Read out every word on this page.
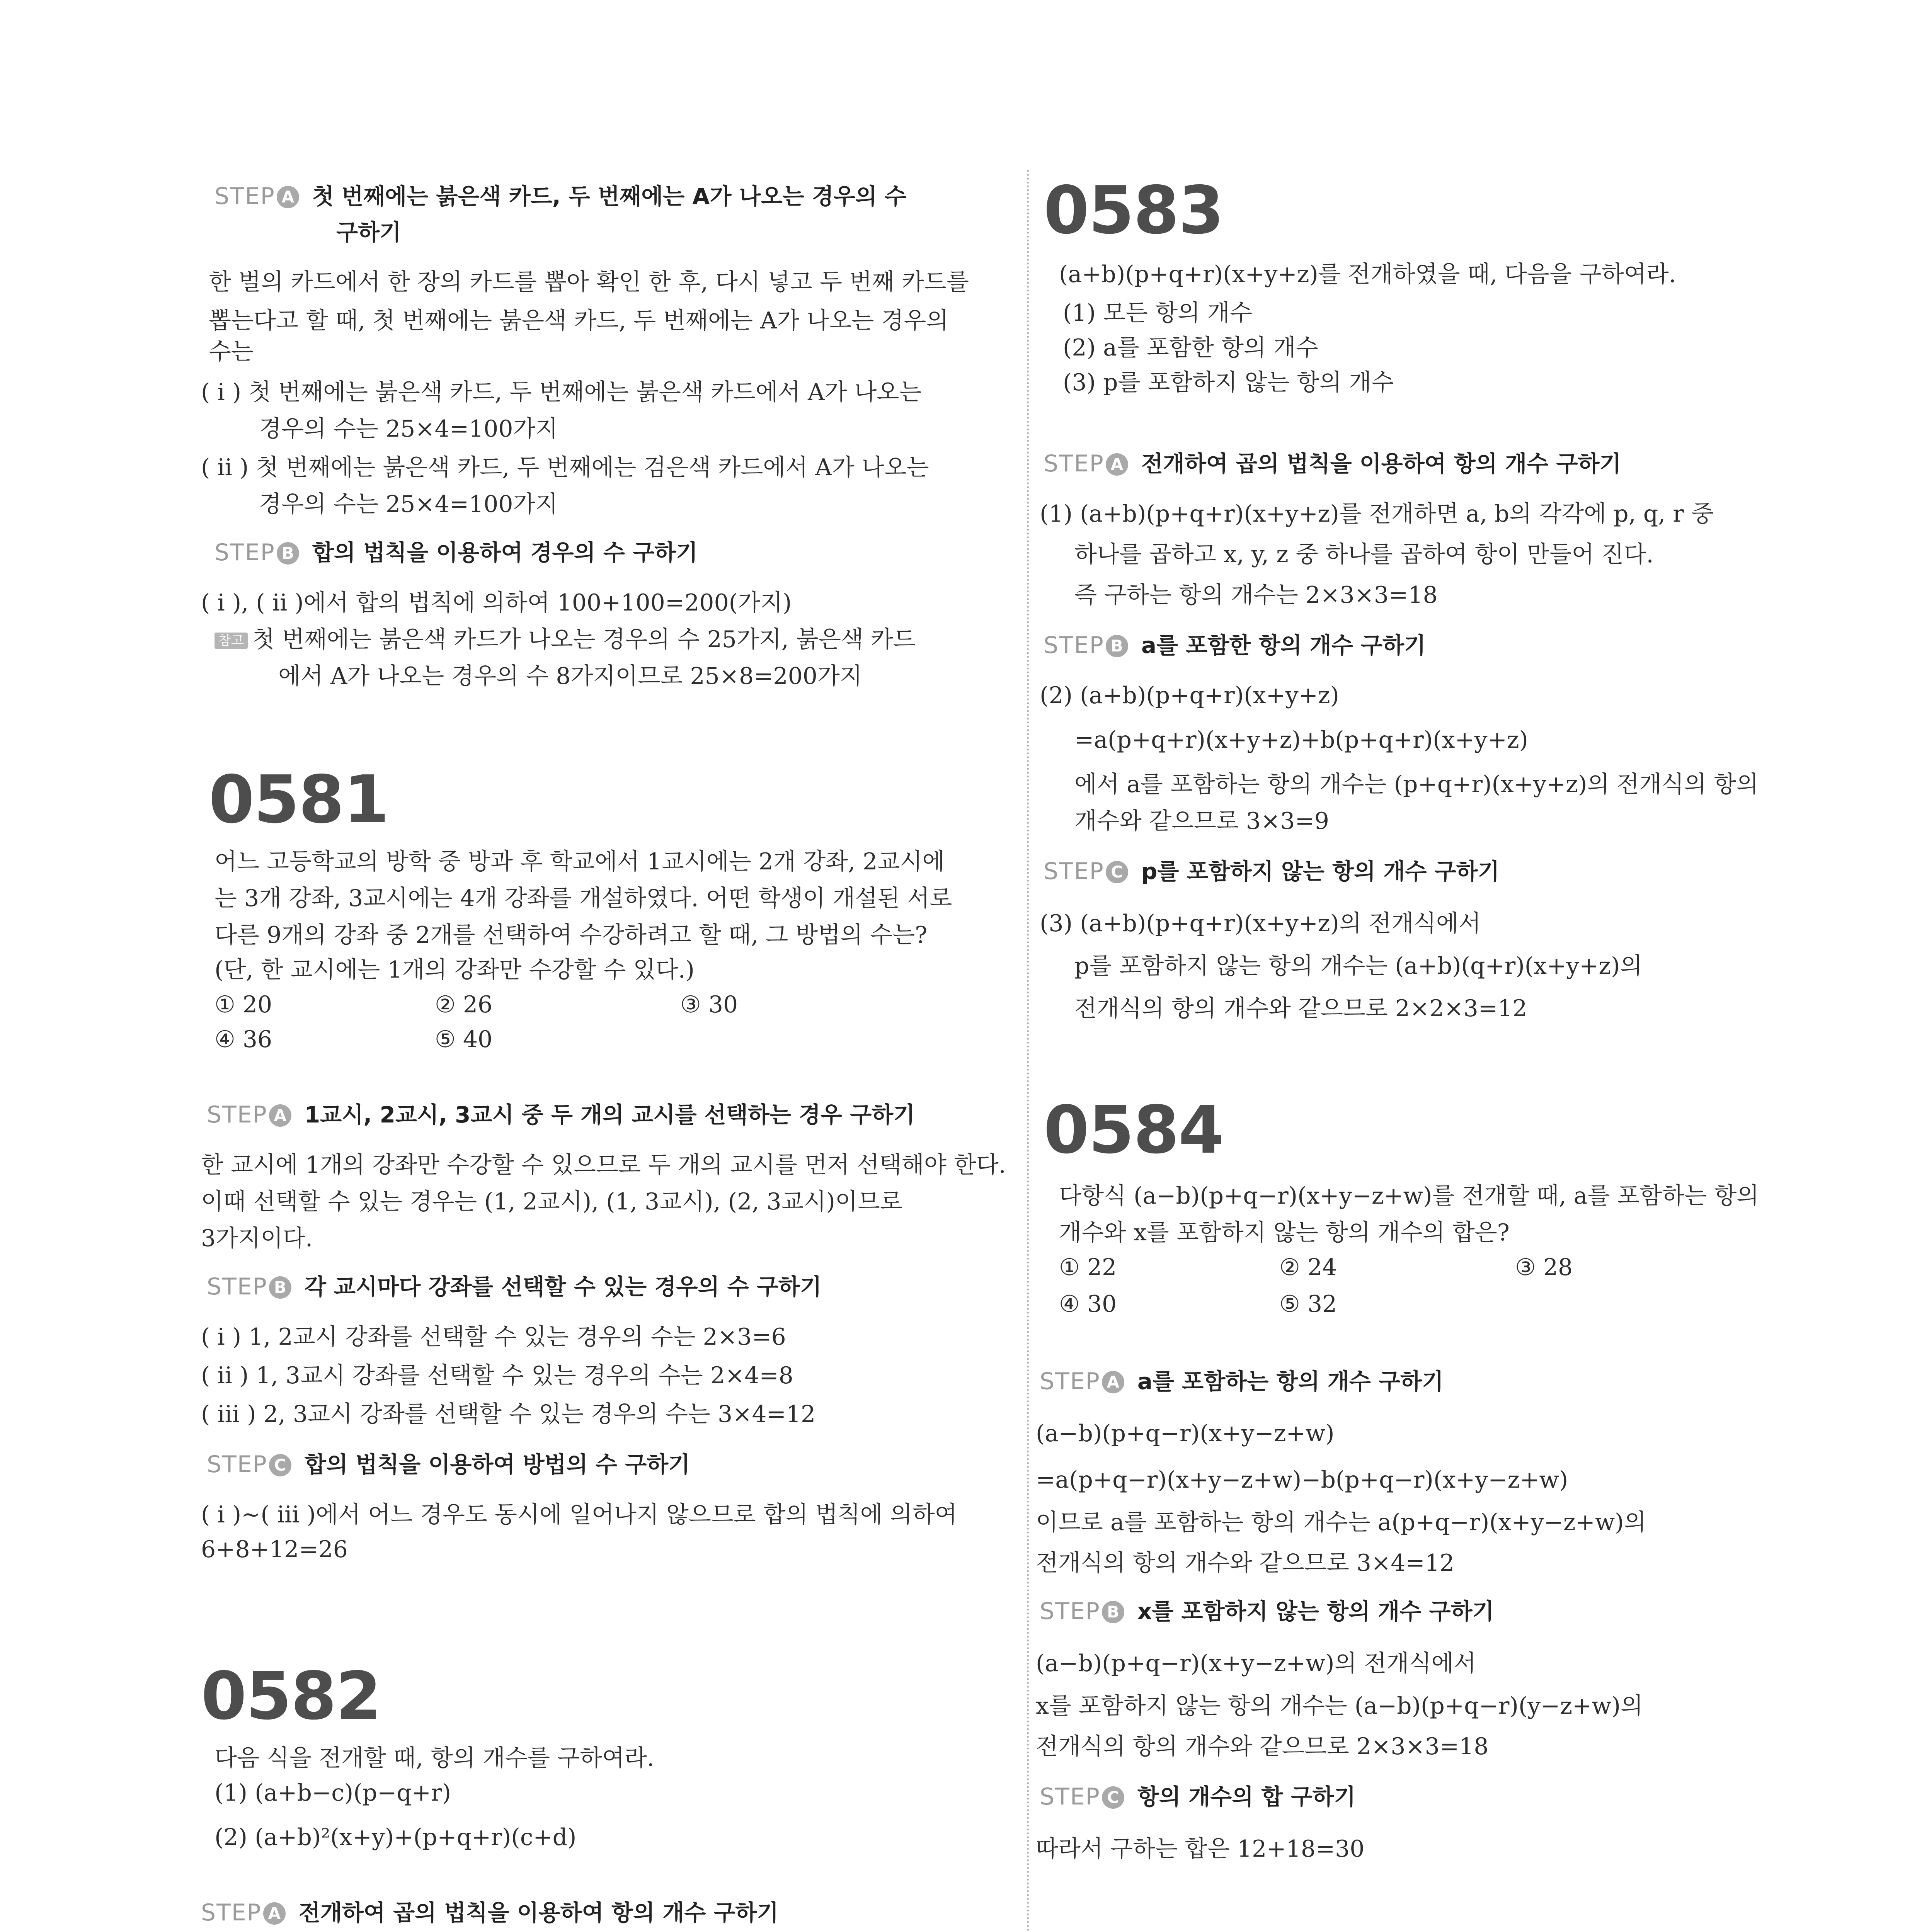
STEP A 첫 번째에는 붉은색 카드, 두 번째에는 A가 나오는 경우의 수
구하기
한 벌의 카드에서 한 장의 카드를 뽑아 확인 한 후, 다시 넣고 두 번째 카드를
뽑는다고 할 때, 첫 번째에는 붉은색 카드, 두 번째에는 A가 나오는 경우의
수는
( i ) 첫 번째에는 붉은색 카드, 두 번째에는 붉은색 카드에서 A가 나오는
경우의 수는 25×4=100가지
( ii ) 첫 번째에는 붉은색 카드, 두 번째에는 검은색 카드에서 A가 나오는
경우의 수는 25×4=100가지
STEP B 합의 법칙을 이용하여 경우의 수 구하기
( i ), ( ii )에서 합의 법칙에 의하여 100+100=200(가지)
참고 첫 번째에는 붉은색 카드가 나오는 경우의 수 25가지, 붉은색 카드
에서 A가 나오는 경우의 수 8가지이므로 25×8=200가지
0581
어느 고등학교의 방학 중 방과 후 학교에서 1교시에는 2개 강좌, 2교시에
는 3개 강좌, 3교시에는 4개 강좌를 개설하였다. 어떤 학생이 개설된 서로
다른 9개의 강좌 중 2개를 선택하여 수강하려고 할 때, 그 방법의 수는?
(단, 한 교시에는 1개의 강좌만 수강할 수 있다.)
① 20	② 26	③ 30
④ 36	⑤ 40
STEP A 1교시, 2교시, 3교시 중 두 개의 교시를 선택하는 경우 구하기
한 교시에 1개의 강좌만 수강할 수 있으므로 두 개의 교시를 먼저 선택해야 한다.
이때 선택할 수 있는 경우는 (1, 2교시), (1, 3교시), (2, 3교시)이므로
3가지이다.
STEP B 각 교시마다 강좌를 선택할 수 있는 경우의 수 구하기
( i ) 1, 2교시 강좌를 선택할 수 있는 경우의 수는 2×3=6
( ii ) 1, 3교시 강좌를 선택할 수 있는 경우의 수는 2×4=8
( iii ) 2, 3교시 강좌를 선택할 수 있는 경우의 수는 3×4=12
STEP C 합의 법칙을 이용하여 방법의 수 구하기
( i )~( iii )에서 어느 경우도 동시에 일어나지 않으므로 합의 법칙에 의하여
6+8+12=26
0582
다음 식을 전개할 때, 항의 개수를 구하여라.
(1) (a+b−c)(p−q+r)
(2) (a+b)²(x+y)+(p+q+r)(c+d)
STEP A 전개하여 곱의 법칙을 이용하여 항의 개수 구하기
0583
(a+b)(p+q+r)(x+y+z)를 전개하였을 때, 다음을 구하여라.
(1) 모든 항의 개수
(2) a를 포함한 항의 개수
(3) p를 포함하지 않는 항의 개수
STEP A 전개하여 곱의 법칙을 이용하여 항의 개수 구하기
(1) (a+b)(p+q+r)(x+y+z)를 전개하면 a, b의 각각에 p, q, r 중
하나를 곱하고 x, y, z 중 하나를 곱하여 항이 만들어 진다.
즉 구하는 항의 개수는 2×3×3=18
STEP B a를 포함한 항의 개수 구하기
(2) (a+b)(p+q+r)(x+y+z)
=a(p+q+r)(x+y+z)+b(p+q+r)(x+y+z)
에서 a를 포함하는 항의 개수는 (p+q+r)(x+y+z)의 전개식의 항의
개수와 같으므로 3×3=9
STEP C p를 포함하지 않는 항의 개수 구하기
(3) (a+b)(p+q+r)(x+y+z)의 전개식에서
p를 포함하지 않는 항의 개수는 (a+b)(q+r)(x+y+z)의
전개식의 항의 개수와 같으므로 2×2×3=12
0584
다항식 (a−b)(p+q−r)(x+y−z+w)를 전개할 때, a를 포함하는 항의
개수와 x를 포함하지 않는 항의 개수의 합은?
① 22	② 24	③ 28
④ 30	⑤ 32
STEP A a를 포함하는 항의 개수 구하기
(a−b)(p+q−r)(x+y−z+w)
=a(p+q−r)(x+y−z+w)−b(p+q−r)(x+y−z+w)
이므로 a를 포함하는 항의 개수는 a(p+q−r)(x+y−z+w)의
전개식의 항의 개수와 같으므로 3×4=12
STEP B x를 포함하지 않는 항의 개수 구하기
(a−b)(p+q−r)(x+y−z+w)의 전개식에서
x를 포함하지 않는 항의 개수는 (a−b)(p+q−r)(y−z+w)의
전개식의 항의 개수와 같으므로 2×3×3=18
STEP C 항의 개수의 합 구하기
따라서 구하는 합은 12+18=30
